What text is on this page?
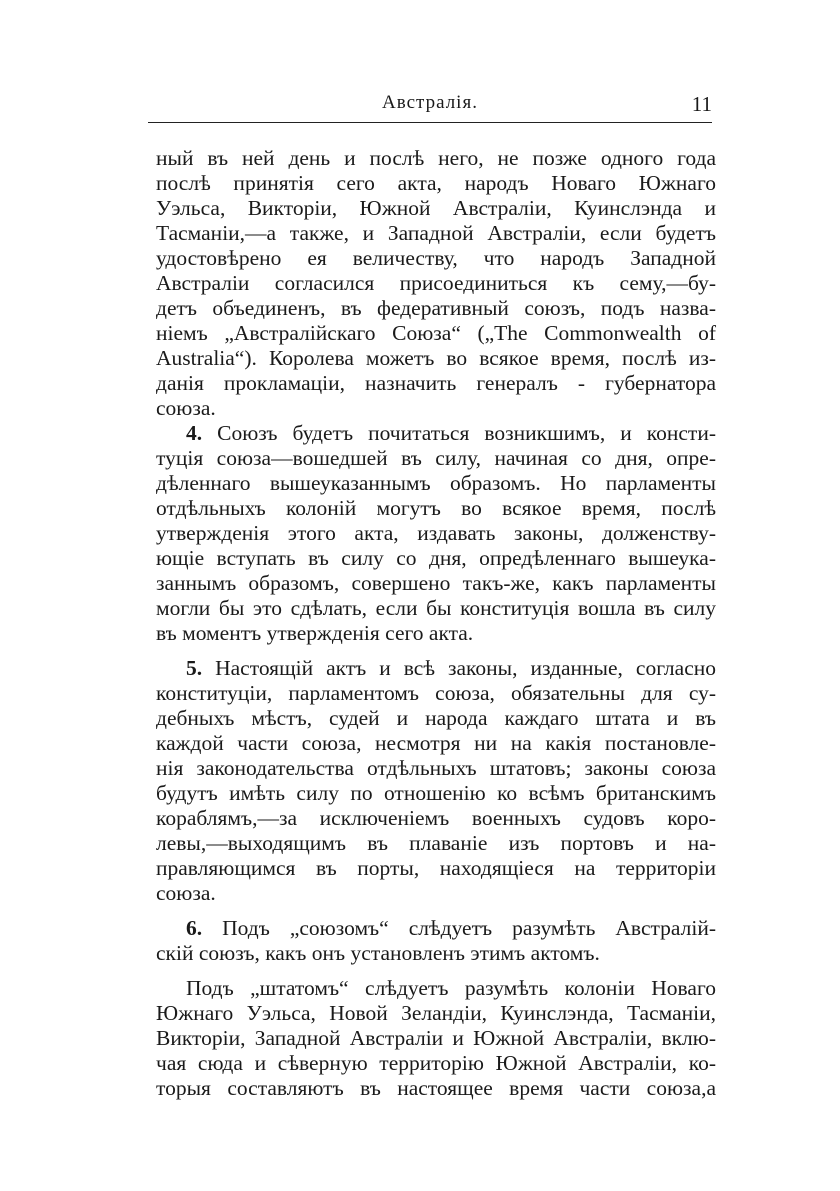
Австралія.	11
ный въ ней день и послѣ него, не позже одного года
послѣ принятія сего акта, народъ Новаго Южнаго
Уэльса, Викторіи, Южной Австраліи, Куинслэнда и
Тасманіи,—а также, и Западной Австраліи, если будетъ
удостовѣрено ея величеству, что народъ Западной
Австраліи согласился присоединиться къ сему,—бу-
детъ объединенъ, въ федеративный союзъ, подъ назва-
ніемъ „Австралійскаго Союза“ („The Commonwealth of
Australia“). Королева можетъ во всякое время, послѣ из-
данія прокламаціи, назначить генералъ - губернатора
союза.
4. Союзъ будетъ почитаться возникшимъ, и консти-
туція союза—вошедшей въ силу, начиная со дня, опре-
дѣленнаго вышеуказаннымъ образомъ. Но парламенты
отдѣльныхъ колоній могутъ во всякое время, послѣ
утвержденія этого акта, издавать законы, долженству-
ющіе вступать въ силу со дня, опредѣленнаго вышеука-
заннымъ образомъ, совершено такъ-же, какъ парламенты
могли бы это сдѣлать, если бы конституція вошла въ силу
въ моментъ утвержденія сего акта.
5. Настоящій актъ и всѣ законы, изданные, согласно
конституціи, парламентомъ союза, обязательны для су-
дебныхъ мѣстъ, судей и народа каждаго штата и въ
каждой части союза, несмотря ни на какія постановле-
нія законодательства отдѣльныхъ штатовъ; законы союза
будутъ имѣть силу по отношенію ко всѣмъ британскимъ
кораблямъ,—за исключеніемъ военныхъ судовъ коро-
левы,—выходящимъ въ плаваніе изъ портовъ и на-
правляющимся въ порты, находящіеся на территоріи
союза.
6. Подъ „союзомъ“ слѣдуетъ разумѣть Австралій-
скій союзъ, какъ онъ установленъ этимъ актомъ.
Подъ „штатомъ“ слѣдуетъ разумѣть колоніи Новаго
Южнаго Уэльса, Новой Зеландіи, Куинслэнда, Тасманіи,
Викторіи, Западной Австраліи и Южной Австраліи, вклю-
чая сюда и сѣверную территорію Южной Австраліи, ко-
торыя составляютъ въ настоящее время части союза,а
